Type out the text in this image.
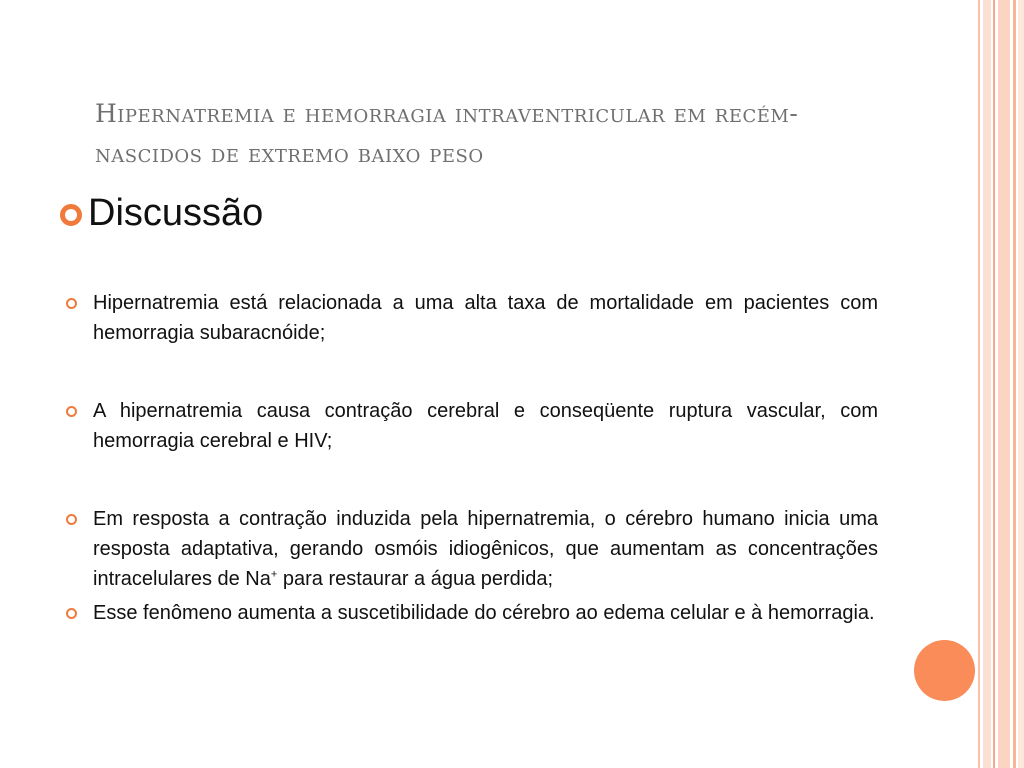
Hipernatremia e hemorragia intraventricular em recém-nascidos de extremo baixo peso
Discussão
Hipernatremia está relacionada a uma alta taxa de mortalidade em pacientes com hemorragia subaracnóide;
A hipernatremia causa contração cerebral e conseqüente ruptura vascular, com hemorragia cerebral e HIV;
Em resposta a contração induzida pela hipernatremia, o cérebro humano inicia uma resposta adaptativa, gerando osmóis idiogênicos, que aumentam as concentrações intracelulares de Na+ para restaurar a água perdida;
Esse fenômeno aumenta a suscetibilidade do cérebro ao edema celular e à hemorragia.
